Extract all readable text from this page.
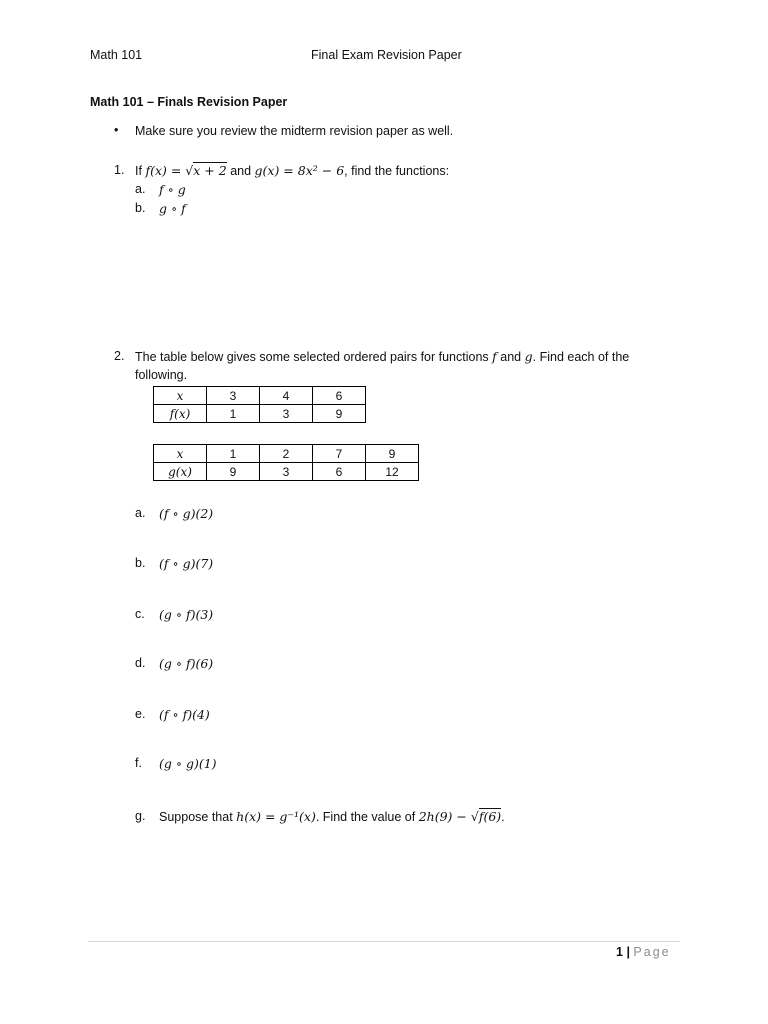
Math 101	Final Exam Revision Paper
Math 101 – Finals Revision Paper
• Make sure you review the midterm revision paper as well.
1. If f(x) = √x + 2 and g(x) = 8x² − 6, find the functions:
a. f ∘ g
b. g ∘ f
2. The table below gives some selected ordered pairs for functions f and g. Find each of the
following.
x	3	4	6
f(x)	1	3	9
x	1	2	7	9
g(x)	9	3	6	12
a. (f ∘ g)(2)
b. (f ∘ g)(7)
c. (g ∘ f)(3)
d. (g ∘ f)(6)
e. (f ∘ f)(4)
f. (g ∘ g)(1)
g. Suppose that h(x) = g⁻¹(x). Find the value of 2h(9) − √f(6).
1 | Page
